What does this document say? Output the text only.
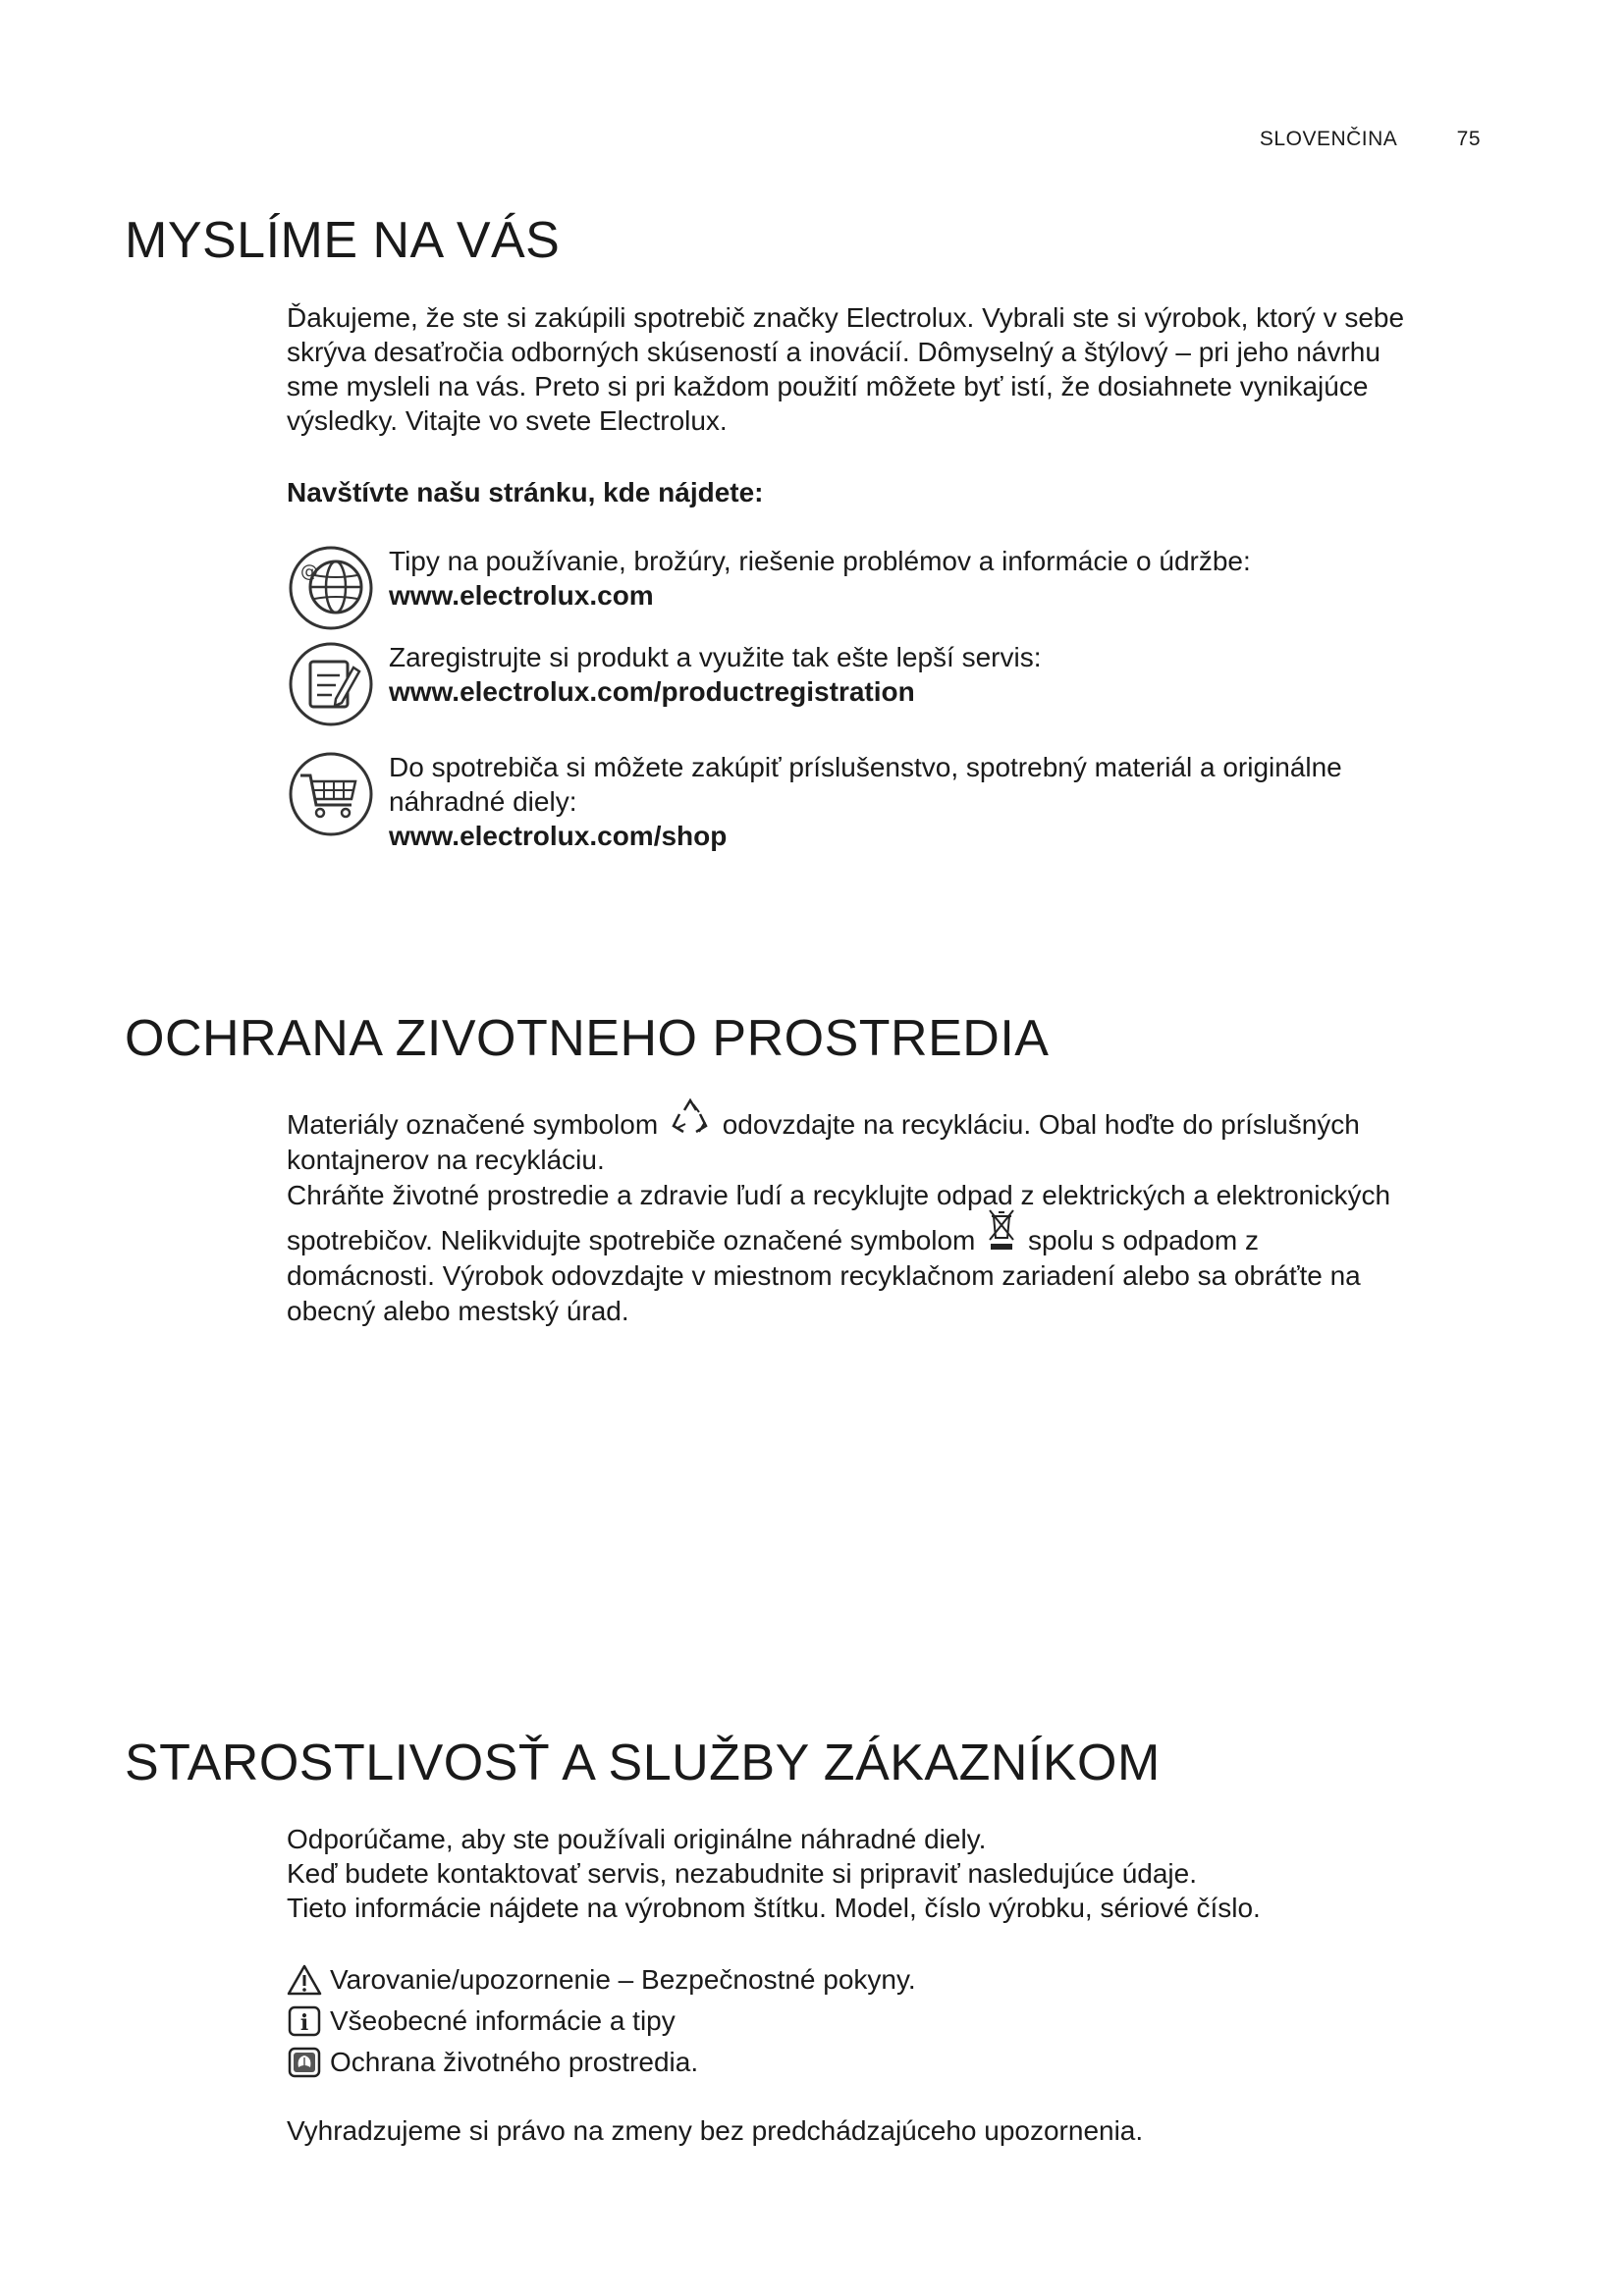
SLOVENČINA	75
MYSLÍME NA VÁS
Ďakujeme, že ste si zakúpili spotrebič značky Electrolux. Vybrali ste si výrobok, ktorý v sebe
skrýva desaťročia odborných skúseností a inovácií. Dômyselný a štýlový – pri jeho návrhu
sme mysleli na vás. Preto si pri každom použití môžete byť istí, že dosiahnete vynikajúce
výsledky. Vitajte vo svete Electrolux.
Navštívte našu stránku, kde nájdete:
@	Tipy na používanie, brožúry, riešenie problémov a informácie o údržbe:
www.electrolux.com
Zaregistrujte si produkt a využite tak ešte lepší servis:
www.electrolux.com/productregistration
Do spotrebiča si môžete zakúpiť príslušenstvo, spotrebný materiál a originálne
náhradné diely:
www.electrolux.com/shop
OCHRANA ZIVOTNEHO PROSTREDIA
Materiály označené symbolom odovzdajte na recykláciu. Obal hoďte do príslušných
kontajnerov na recykláciu.
Chráňte životné prostredie a zdravie ľudí a recyklujte odpad z elektrických a elektronických
spotrebičov. Nelikvidujte spotrebiče označené symbolom spolu s odpadom z
domácnosti. Výrobok odovzdajte v miestnom recyklačnom zariadení alebo sa obráťte na
obecný alebo mestský úrad.
STAROSTLIVOSŤ A SLUŽBY ZÁKAZNÍKOM
Odporúčame, aby ste používali originálne náhradné diely.
Keď budete kontaktovať servis, nezabudnite si pripraviť nasledujúce údaje.
Tieto informácie nájdete na výrobnom štítku. Model, číslo výrobku, sériové číslo.
Varovanie/upozornenie – Bezpečnostné pokyny.
i Všeobecné informácie a tipy
Ochrana životného prostredia.
Vyhradzujeme si právo na zmeny bez predchádzajúceho upozornenia.
